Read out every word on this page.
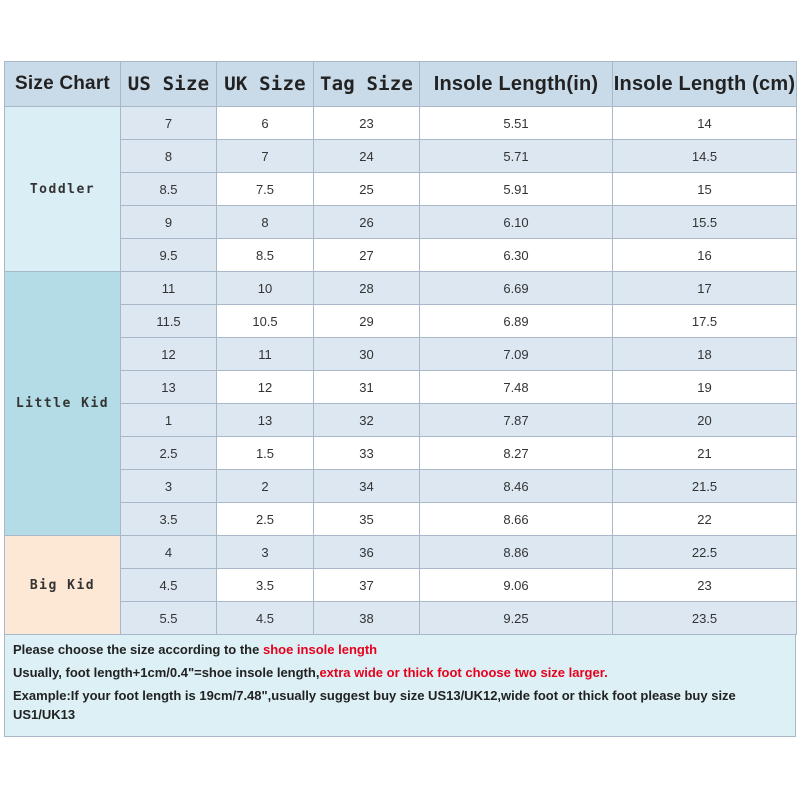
Size Chart	US Size	UK Size	Tag Size	Insole Length(in)	Insole Length (cm)
Toddler	7	6	23	5.51	14
	8	7	24	5.71	14.5
	8.5	7.5	25	5.91	15
	9	8	26	6.10	15.5
	9.5	8.5	27	6.30	16
Little Kid	11	10	28	6.69	17
	11.5	10.5	29	6.89	17.5
	12	11	30	7.09	18
	13	12	31	7.48	19
	1	13	32	7.87	20
	2.5	1.5	33	8.27	21
	3	2	34	8.46	21.5
	3.5	2.5	35	8.66	22
Big Kid	4	3	36	8.86	22.5
	4.5	3.5	37	9.06	23
	5.5	4.5	38	9.25	23.5

Please choose the size according to the shoe insole length

Usually, foot length+1cm/0.4"=shoe insole length,extra wide or thick foot choose two size larger.

Example:If your foot length is 19cm/7.48",usually suggest buy size US13/UK12,wide foot or thick foot please buy size US1/UK13
